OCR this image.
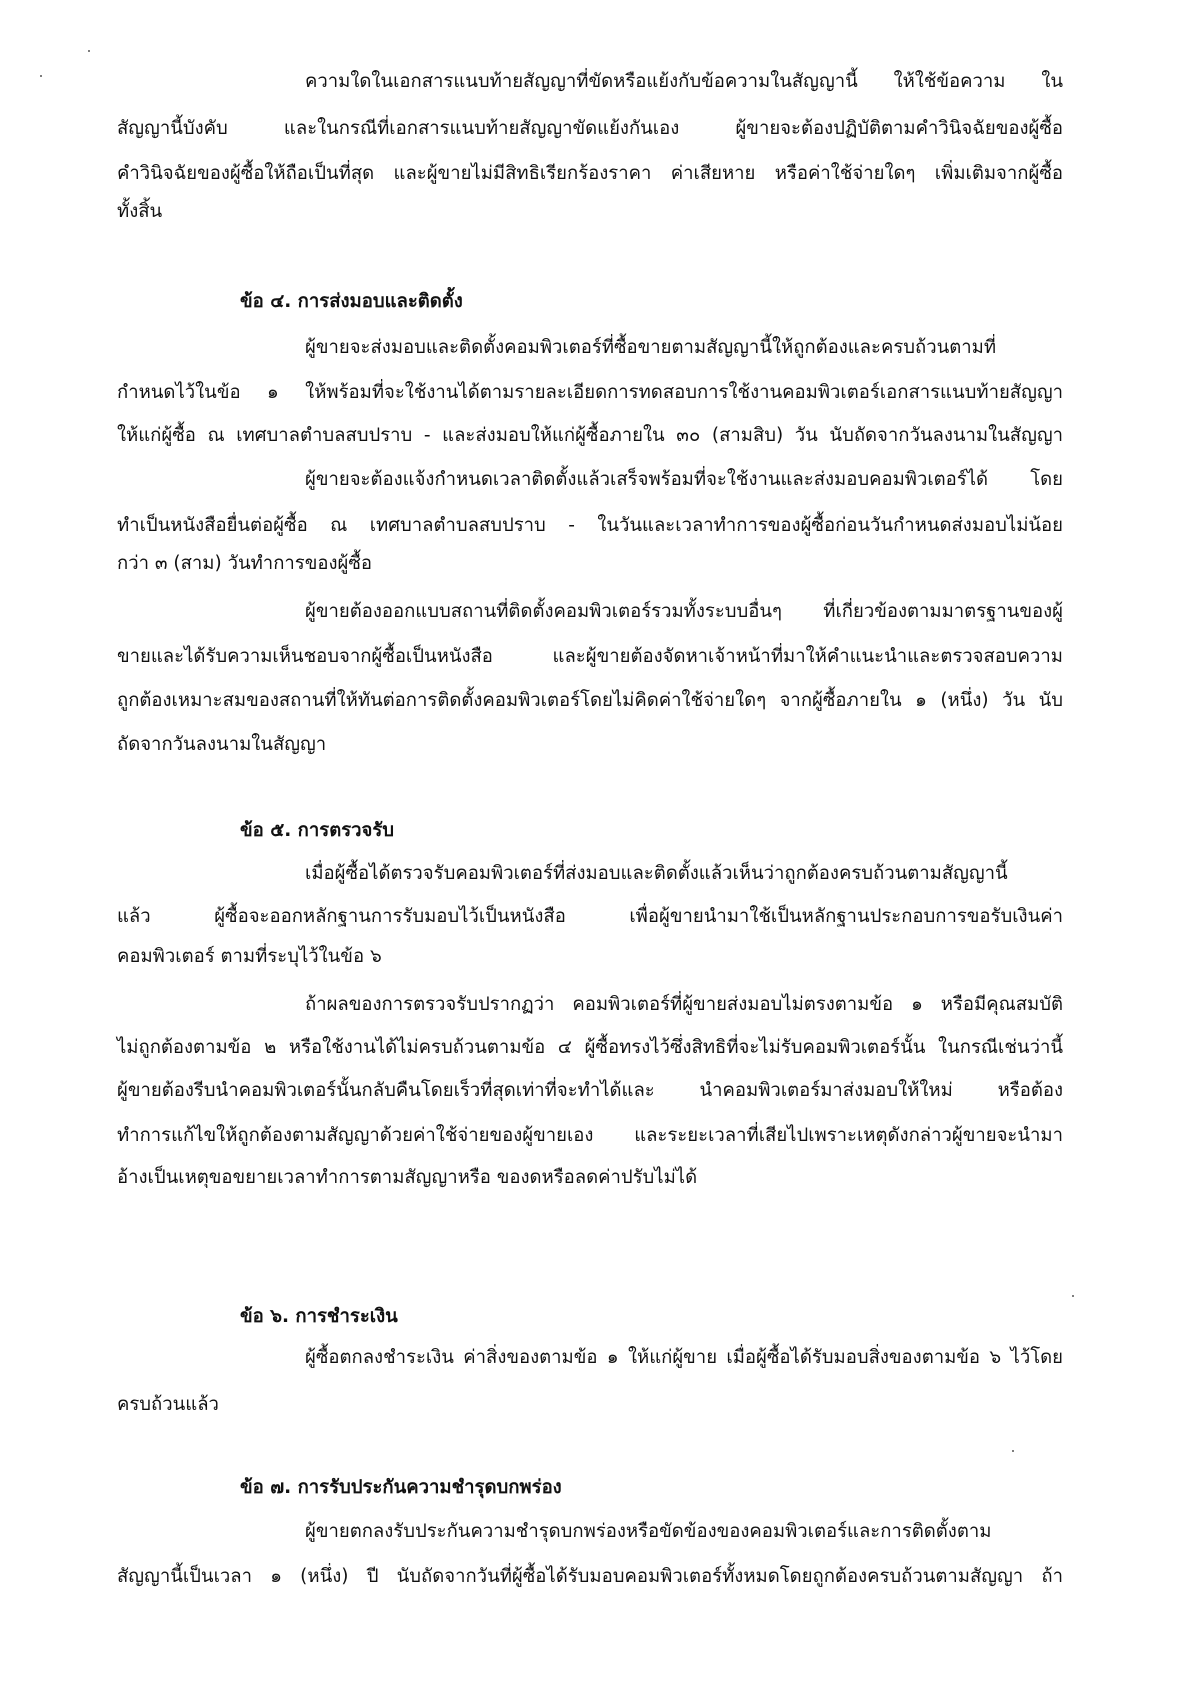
ความใดในเอกสารแนบท้ายสัญญาที่ขัดหรือแย้งกับข้อความในสัญญานี้ ให้ใช้ข้อความ ใน
สัญญานี้บังคับ และในกรณีที่เอกสารแนบท้ายสัญญาขัดแย้งกันเอง ผู้ขายจะต้องปฏิบัติตามคำวินิจฉัยของผู้ซื้อ
คำวินิจฉัยของผู้ซื้อให้ถือเป็นที่สุด และผู้ขายไม่มีสิทธิเรียกร้องราคา ค่าเสียหาย หรือค่าใช้จ่ายใดๆ เพิ่มเติมจากผู้ซื้อ
ทั้งสิ้น
ข้อ ๔. การส่งมอบและติดตั้ง
ผู้ขายจะส่งมอบและติดตั้งคอมพิวเตอร์ที่ซื้อขายตามสัญญานี้ให้ถูกต้องและครบถ้วนตามที่
กำหนดไว้ในข้อ ๑ ให้พร้อมที่จะใช้งานได้ตามรายละเอียดการทดสอบการใช้งานคอมพิวเตอร์เอกสารแนบท้ายสัญญา
ให้แก่ผู้ซื้อ ณ เทศบาลตำบลสบปราบ - และส่งมอบให้แก่ผู้ซื้อภายใน ๓๐ (สามสิบ) วัน นับถัดจากวันลงนามในสัญญา
ผู้ขายจะต้องแจ้งกำหนดเวลาติดตั้งแล้วเสร็จพร้อมที่จะใช้งานและส่งมอบคอมพิวเตอร์ได้ โดย
ทำเป็นหนังสือยื่นต่อผู้ซื้อ ณ เทศบาลตำบลสบปราบ - ในวันและเวลาทำการของผู้ซื้อก่อนวันกำหนดส่งมอบไม่น้อย
กว่า ๓ (สาม) วันทำการของผู้ซื้อ
ผู้ขายต้องออกแบบสถานที่ติดตั้งคอมพิวเตอร์รวมทั้งระบบอื่นๆ ที่เกี่ยวข้องตามมาตรฐานของผู้
ขายและได้รับความเห็นชอบจากผู้ซื้อเป็นหนังสือ และผู้ขายต้องจัดหาเจ้าหน้าที่มาให้คำแนะนำและตรวจสอบความ
ถูกต้องเหมาะสมของสถานที่ให้ทันต่อการติดตั้งคอมพิวเตอร์โดยไม่คิดค่าใช้จ่ายใดๆ จากผู้ซื้อภายใน ๑ (หนึ่ง) วัน นับ
ถัดจากวันลงนามในสัญญา
ข้อ ๕. การตรวจรับ
เมื่อผู้ซื้อได้ตรวจรับคอมพิวเตอร์ที่ส่งมอบและติดตั้งแล้วเห็นว่าถูกต้องครบถ้วนตามสัญญานี้
แล้ว ผู้ซื้อจะออกหลักฐานการรับมอบไว้เป็นหนังสือ เพื่อผู้ขายนำมาใช้เป็นหลักฐานประกอบการขอรับเงินค่า
คอมพิวเตอร์ ตามที่ระบุไว้ในข้อ ๖
ถ้าผลของการตรวจรับปรากฏว่า คอมพิวเตอร์ที่ผู้ขายส่งมอบไม่ตรงตามข้อ ๑ หรือมีคุณสมบัติ
ไม่ถูกต้องตามข้อ ๒ หรือใช้งานได้ไม่ครบถ้วนตามข้อ ๔ ผู้ซื้อทรงไว้ซึ่งสิทธิที่จะไม่รับคอมพิวเตอร์นั้น ในกรณีเช่นว่านี้
ผู้ขายต้องรีบนำคอมพิวเตอร์นั้นกลับคืนโดยเร็วที่สุดเท่าที่จะทำได้และ นำคอมพิวเตอร์มาส่งมอบให้ใหม่ หรือต้อง
ทำการแก้ไขให้ถูกต้องตามสัญญาด้วยค่าใช้จ่ายของผู้ขายเอง และระยะเวลาที่เสียไปเพราะเหตุดังกล่าวผู้ขายจะนำมา
อ้างเป็นเหตุขอขยายเวลาทำการตามสัญญาหรือ ของดหรือลดค่าปรับไม่ได้
ข้อ ๖. การชำระเงิน
ผู้ซื้อตกลงชำระเงิน ค่าสิ่งของตามข้อ ๑ ให้แก่ผู้ขาย เมื่อผู้ซื้อได้รับมอบสิ่งของตามข้อ ๖ ไว้โดย
ครบถ้วนแล้ว
ข้อ ๗. การรับประกันความชำรุดบกพร่อง
ผู้ขายตกลงรับประกันความชำรุดบกพร่องหรือขัดข้องของคอมพิวเตอร์และการติดตั้งตาม
สัญญานี้เป็นเวลา ๑ (หนึ่ง) ปี นับถัดจากวันที่ผู้ซื้อได้รับมอบคอมพิวเตอร์ทั้งหมดโดยถูกต้องครบถ้วนตามสัญญา ถ้า
